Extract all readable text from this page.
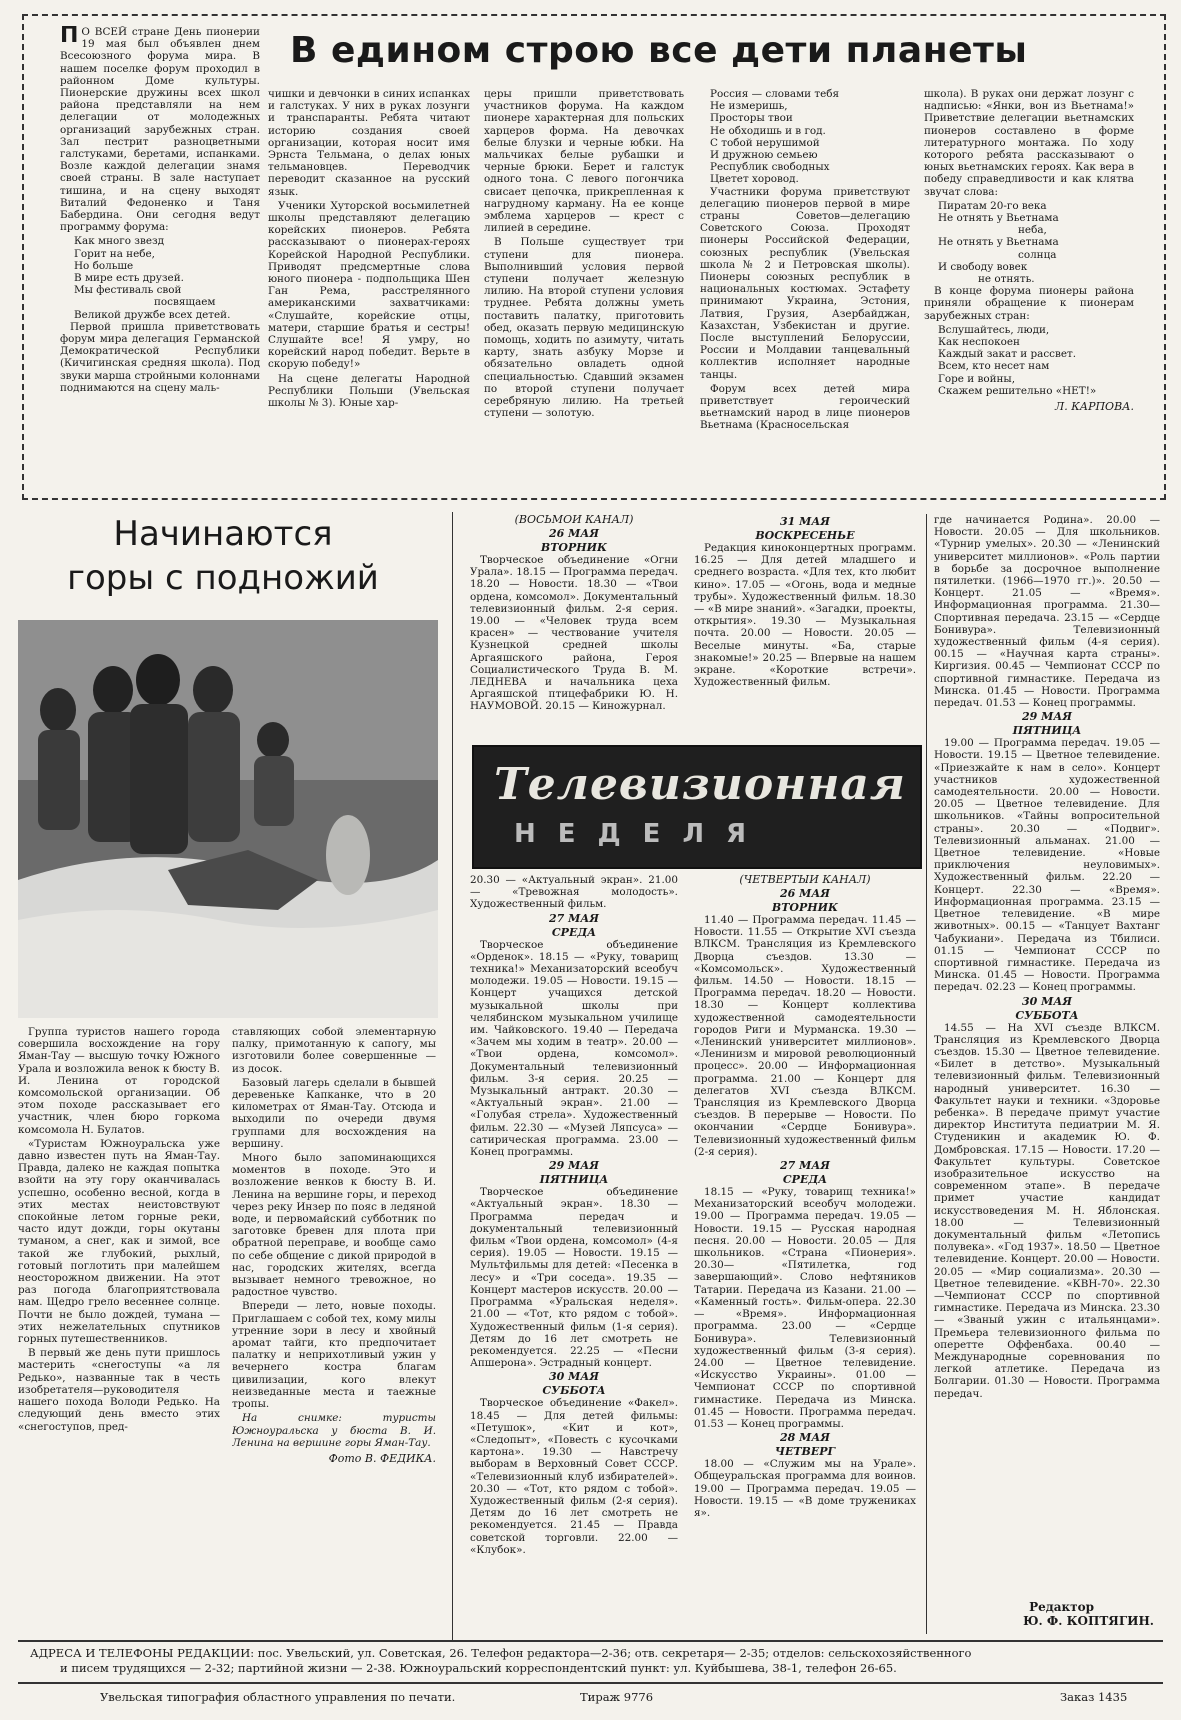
В едином строю все дети планеты

П О ВСЕЙ стране День пионерии 19 мая был объявлен днем Всесоюзного форума мира. В нашем поселке форум проходил в районном Доме культуры. Пионерские дружины всех школ района представляли на нем делегации от молодежных организаций зарубежных стран. Зал пестрит разноцветными галстуками, беретами, испанками. Возле каждой делегации знамя своей страны. В зале наступает тишина, и на сцену выходят Виталий Федоненко и Таня Бабердина. Они сегодня ведут программу форума:

Как много звезд
Горит на небе,
Но больше
В мире есть друзей.
Мы фестиваль свой
посвящаем
Великой дружбе всех детей.

Первой пришла приветствовать форум мира делегация Германской Демократической Республики (Кичигинская средняя школа). Под звуки марша стройными колоннами поднимаются на сцену маль-

чишки и девчонки в синих испанках и галстуках. У них в руках лозунги и транспаранты. Ребята читают историю создания своей организации, которая носит имя Эрнста Тельмана, о делах юных тельмановцев. Переводчик переводит сказанное на русский язык.

Ученики Хуторской восьмилетней школы представляют делегацию корейских пионеров. Ребята рассказывают о пионерах-героях Корейской Народной Республики. Приводят предсмертные слова юного пионера - подпольщика Шен Ган Рема, расстрелянного американскими захватчиками: «Слушайте, корейские отцы, матери, старшие братья и сестры! Слушайте все! Я умру, но корейский народ победит. Верьте в скорую победу!»

На сцене делегаты Народной Республики Польши (Увельская школы № 3). Юные хар-

церы пришли приветствовать участников форума. На каждом пионере характерная для польских харцеров форма. На девочках белые блузки и черные юбки. На мальчиках белые рубашки и черные брюки. Берет и галстук одного тона. С левого погончика свисает цепочка, прикрепленная к нагрудному карману. На ее конце эмблема харцеров — крест с лилией в середине.

В Польше существует три ступени для пионера. Выполнивший условия первой ступени получает железную лилию. На второй ступени условия труднее. Ребята должны уметь поставить палатку, приготовить обед, оказать первую медицинскую помощь, ходить по азимуту, читать карту, знать азбуку Морзе и обязательно овладеть одной специальностью. Сдавший экзамен по второй ступени получает серебряную лилию. На третьей ступени — золотую.

Россия — словами тебя
Не измеришь,
Просторы твои
Не обходишь и в год.
С тобой нерушимой
И дружною семьею
Республик свободных
Цветет хоровод.

Участники форума приветствуют делегацию пионеров первой в мире страны Советов—делегацию Советского Союза. Проходят пионеры Российской Федерации, союзных республик (Увельская школа № 2 и Петровская школы). Пионеры союзных республик в национальных костюмах. Эстафету принимают Украина, Эстония, Латвия, Грузия, Азербайджан, Казахстан, Узбекистан и другие. После выступлений Белоруссии, России и Молдавии танцевальный коллектив исполняет народные танцы.

Форум всех детей мира приветствует героический вьетнамский народ в лице пионеров Вьетнама (Красносельская

школа). В руках они держат лозунг с надписью: «Янки, вон из Вьетнама!» Приветствие делегации вьетнамских пионеров составлено в форме литературного монтажа. По ходу которого ребята рассказывают о юных вьетнамских героях. Как вера в победу справедливости и как клятва звучат слова:

Пиратам 20-го века
Не отнять у Вьетнама
неба,
Не отнять у Вьетнама
солнца
И свободу вовек
не отнять.

В конце форума пионеры района приняли обращение к пионерам зарубежных стран:

Вслушайтесь, люди,
Как неспокоен
Каждый закат и рассвет.
Всем, кто несет нам
Горе и войны,
Скажем решительно «НЕТ!»
Л. КАРПОВА.
Начинаются
горы с подножий

Группа туристов нашего города совершила восхождение на гору Яман-Тау — высшую точку Южного Урала и возложила венок к бюсту В. И. Ленина от городской комсомольской организации. Об этом походе рассказывает его участник, член бюро горкома комсомола Н. Булатов.

«Туристам Южноуральска уже давно известен путь на Яман-Тау. Правда, далеко не каждая попытка взойти на эту гору оканчивалась успешно, особенно весной, когда в этих местах неистовствуют спокойные летом горные реки, часто идут дожди, горы окутаны туманом, а снег, как и зимой, все такой же глубокий, рыхлый, готовый поглотить при малейшем неосторожном движении. На этот раз погода благоприятствовала нам. Щедро грело весеннее солнце. Почти не было дождей, тумана — этих нежелательных спутников горных путешественников.

В первый же день пути пришлось мастерить «снегоступы «а ля Редько», названные так в честь изобретателя—руководителя нашего похода Володи Редько. На следующий день вместо этих «снегоступов, пред-

ставляющих собой элементарную палку, примотанную к сапогу, мы изготовили более совершенные — из досок.

Базовый лагерь сделали в бывшей деревеньке Капканке, что в 20 километрах от Яман-Тау. Отсюда и выходили по очереди двумя группами для восхождения на вершину.

Много было запоминающихся моментов в походе. Это и возложение венков к бюсту В. И. Ленина на вершине горы, и переход через реку Инзер по пояс в ледяной воде, и первомайский субботник по заготовке бревен для плота при обратной переправе, и вообще само по себе общение с дикой природой в нас, городских жителях, всегда вызывает немного тревожное, но радостное чувство.

Впереди — лето, новые походы. Приглашаем с собой тех, кому милы утренние зори в лесу и хвойный аромат тайги, кто предпочитает палатку и неприхотливый ужин у вечернего костра благам цивилизации, кого влекут неизведанные места и таежные тропы.

На снимке: туристы Южноуральска у бюста В. И. Ленина на вершине горы Яман-Тау.

Фото В. ФЕДИКА.
(ВОСЬМОЙ КАНАЛ)
26 МАЯ
ВТОРНИК

Творческое объединение «Огни Урала». 18.15 — Программа передач. 18.20 — Новости. 18.30 — «Твои ордена, комсомол». Документальный телевизионный фильм. 2-я серия. 19.00 — «Человек труда всем красен» — чествование учителя Кузнецкой средней школы Аргаяшского района, Героя Социалистического Труда В. М. ЛЕДНЕВА и начальника цеха Аргаяшской птицефабрики Ю. Н. НАУМОВОЙ. 20.15 — Киножурнал.

31 МАЯ
ВОСКРЕСЕНЬЕ

Редакция киноконцертных программ. 16.25 — Для детей младшего и среднего возраста. «Для тех, кто любит кино». 17.05 — «Огонь, вода и медные трубы». Художественный фильм. 18.30 — «В мире знаний». «Загадки, проекты, открытия». 19.30 — Музыкальная почта. 20.00 — Новости. 20.05 — Веселые минуты. «Ба, старые знакомые!» 20.25 — Впервые на нашем экране. «Короткие встречи». Художественный фильм.

Телевизионная
НЕДЕЛЯ

20.30 — «Актуальный экран». 21.00 — «Тревожная молодость». Художественный фильм.

27 МАЯ
СРЕДА

Творческое объединение «Орденок». 18.15 — «Руку, товарищ техника!» Механизаторский всеобуч молодежи. 19.05 — Новости. 19.15 — Концерт учащихся детской музыкальной школы при челябинском музыкальном училище им. Чайковского. 19.40 — Передача «Зачем мы ходим в театр». 20.00 — «Твои ордена, комсомол». Документальный телевизионный фильм. 3-я серия. 20.25 — Музыкальный антракт. 20.30 — «Актуальный экран». 21.00 — «Голубая стрела». Художественный фильм. 22.30 — «Музей Ляпсуса» — сатирическая программа. 23.00 — Конец программы.

29 МАЯ
ПЯТНИЦА

Творческое объединение «Актуальный экран». 18.30 — Программа передач и документальный телевизионный фильм «Твои ордена, комсомол» (4-я серия). 19.05 — Новости. 19.15 — Мультфильмы для детей: «Песенка в лесу» и «Три соседа». 19.35 — Концерт мастеров искусств. 20.00 — Программа «Уральская неделя». 21.00 — «Тот, кто рядом с тобой». Художественный фильм (1-я серия). Детям до 16 лет смотреть не рекомендуется. 22.25 — «Песни Апшерона». Эстрадный концерт.

30 МАЯ
СУББОТА

Творческое объединение «Факел». 18.45 — Для детей фильмы: «Петушок», «Кит и кот», «Следопыт», «Повесть с кусочками картона». 19.30 — Навстречу выборам в Верховный Совет СССР. «Телевизионный клуб избирателей». 20.30 — «Тот, кто рядом с тобой». Художественный фильм (2-я серия). Детям до 16 лет смотреть не рекомендуется. 21.45 — Правда советской торговли. 22.00 — «Клубок».

(ЧЕТВЕРТЫЙ КАНАЛ)
26 МАЯ
ВТОРНИК

11.40 — Программа передач. 11.45 — Новости. 11.55 — Открытие XVI съезда ВЛКСМ. Трансляция из Кремлевского Дворца съездов. 13.30 — «Комсомольск». Художественный фильм. 14.50 — Новости. 18.15 — Программа передач. 18.20 — Новости. 18.30 — Концерт коллектива художественной самодеятельности городов Риги и Мурманска. 19.30 — «Ленинский университет миллионов». «Ленинизм и мировой революционный процесс». 20.00 — Информационная программа. 21.00 — Концерт для делегатов XVI съезда ВЛКСМ. Трансляция из Кремлевского Дворца съездов. В перерыве — Новости. По окончании «Сердце Бонивура». Телевизионный художественный фильм (2-я серия).

27 МАЯ
СРЕДА

18.15 — «Руку, товарищ техника!» Механизаторский всеобуч молодежи. 19.00 — Программа передач. 19.05 — Новости. 19.15 — Русская народная песня. 20.00 — Новости. 20.05 — Для школьников. «Страна «Пионерия». 20.30— «Пятилетка, год завершающий». Слово нефтяников Татарии. Передача из Казани. 21.00 — «Каменный гость». Фильм-опера. 22.30 — «Время». Информационная программа. 23.00 — «Сердце Бонивура». Телевизионный художественный фильм (3-я серия). 24.00 — Цветное телевидение. «Искусство Украины». 01.00 — Чемпионат СССР по спортивной гимнастике. Передача из Минска. 01.45 — Новости. Программа передач. 01.53 — Конец программы.

28 МАЯ
ЧЕТВЕРГ

18.00 — «Служим мы на Урале». Общеуральская программа для воинов. 19.00 — Программа передач. 19.05 — Новости. 19.15 — «В доме тружениках я».

где начинается Родина». 20.00 — Новости. 20.05 — Для школьников. «Турнир умелых». 20.30 — «Ленинский университет миллионов». «Роль партии в борьбе за досрочное выполнение пятилетки. (1966—1970 гг.)». 20.50 — Концерт. 21.05 — «Время». Информационная программа. 21.30—Спортивная передача. 23.15 — «Сердце Бонивура». Телевизионный художественный фильм (4-я серия). 00.15 — «Научная карта страны». Киргизия. 00.45 — Чемпионат СССР по спортивной гимнастике. Передача из Минска. 01.45 — Новости. Программа передач. 01.53 — Конец программы.

29 МАЯ
ПЯТНИЦА

19.00 — Программа передач. 19.05 — Новости. 19.15 — Цветное телевидение. «Приезжайте к нам в село». Концерт участников художественной самодеятельности. 20.00 — Новости. 20.05 — Цветное телевидение. Для школьников. «Тайны вопросительной страны». 20.30 — «Подвиг». Телевизионный альманах. 21.00 — Цветное телевидение. «Новые приключения неуловимых». Художественный фильм. 22.20 — Концерт. 22.30 — «Время». Информационная программа. 23.15 — Цветное телевидение. «В мире животных». 00.15 — «Танцует Вахтанг Чабукиани». Передача из Тбилиси. 01.15 — Чемпионат СССР по спортивной гимнастике. Передача из Минска. 01.45 — Новости. Программа передач. 02.23 — Конец программы.

30 МАЯ
СУББОТА

14.55 — На XVI съезде ВЛКСМ. Трансляция из Кремлевского Дворца съездов. 15.30 — Цветное телевидение. «Билет в детство». Музыкальный телевизионный фильм. Телевизионный народный университет. 16.30 — Факультет науки и техники. «Здоровье ребенка». В передаче примут участие директор Института педиатрии М. Я. Студеникин и академик Ю. Ф. Домбровская. 17.15 — Новости. 17.20 — Факультет культуры. Советское изобразительное искусство на современном этапе». В передаче примет участие кандидат искусствоведения М. Н. Яблонская. 18.00 — Телевизионный документальный фильм «Летопись полувека». «Год 1937». 18.50 — Цветное телевидение. Концерт. 20.00 — Новости. 20.05 — «Мир социализма». 20.30 — Цветное телевидение. «КВН-70». 22.30—Чемпионат СССР по спортивной гимнастике. Передача из Минска. 23.30 — «Званый ужин с итальянцами». Премьера телевизионного фильма по оперетте Оффенбаха. 00.40 — Международные соревнования по легкой атлетике. Передача из Болгарии. 01.30 — Новости. Программа передач.

Редактор
Ю. Ф. КОПТЯГИН.
АДРЕСА И ТЕЛЕФОНЫ РЕДАКЦИИ: пос. Увельский, ул. Советская, 26. Телефон редактора—2-36; отв. секретаря— 2-35; отделов: сельскохозяйственного
и писем трудящихся — 2-32; партийной жизни — 2-38. Южноуральский корреспондентский пункт: ул. Куйбышева, 38-1, телефон 26-65.
Увельская типография областного управления по печати.	Тираж 9776	Заказ 1435
